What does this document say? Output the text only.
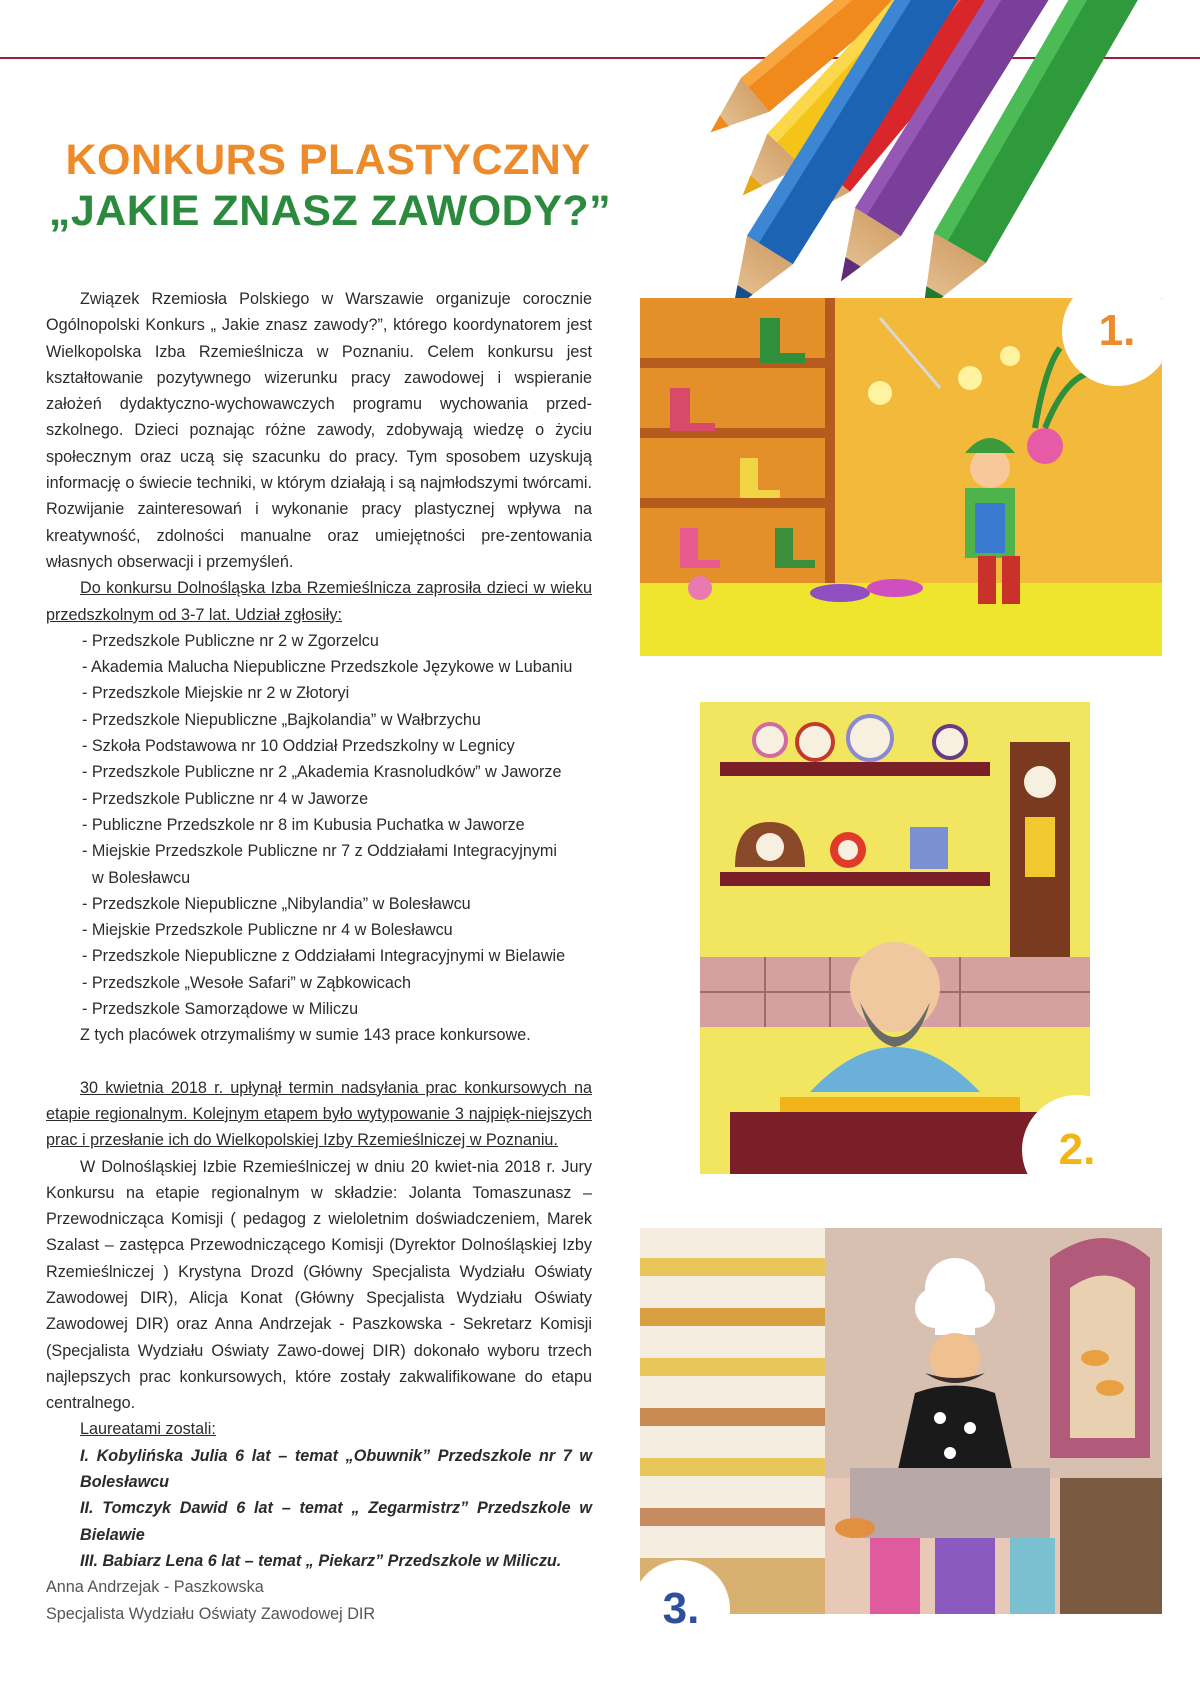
KONKURS PLASTYCZNY
„JAKIE ZNASZ ZAWODY?”

Związek Rzemiosła Polskiego w Warszawie organizuje corocznie Ogólnopolski Konkurs „ Jakie znasz zawody?”, którego koordynatorem jest Wielkopolska Izba Rzemieślnicza w Poznaniu. Celem konkursu jest kształtowanie pozytywnego wizerunku pracy zawodowej i wspieranie założeń dydaktyczno-wychowawczych programu wychowania przed-szkolnego. Dzieci poznając różne zawody, zdobywają wiedzę o życiu społecznym oraz uczą się szacunku do pracy. Tym sposobem uzyskują informację o świecie techniki, w którym działają i są najmłodszymi twórcami. Rozwijanie zainteresowań i wykonanie pracy plastycznej wpływa na kreatywność, zdolności manualne oraz umiejętności pre-zentowania własnych obserwacji i przemyśleń.

Do konkursu Dolnośląska Izba Rzemieślnicza zaprosiła dzieci w wieku przedszkolnym od 3-7 lat. Udział zgłosiły:

- Przedszkole Publiczne nr 2 w Zgorzelcu
- Akademia Malucha Niepubliczne Przedszkole Językowe w Lubaniu
- Przedszkole Miejskie nr 2 w Złotoryi
- Przedszkole Niepubliczne „Bajkolandia” w Wałbrzychu
- Szkoła Podstawowa nr 10 Oddział Przedszkolny w Legnicy
- Przedszkole Publiczne nr 2 „Akademia Krasnoludków” w Jaworze
- Przedszkole Publiczne nr 4 w Jaworze
- Publiczne Przedszkole nr 8 im Kubusia Puchatka w Jaworze
- Miejskie Przedszkole Publiczne nr 7 z Oddziałami Integracyjnymi
w Bolesławcu
- Przedszkole Niepubliczne „Nibylandia” w Bolesławcu
- Miejskie Przedszkole Publiczne nr 4 w Bolesławcu
- Przedszkole Niepubliczne z Oddziałami Integracyjnymi w Bielawie
- Przedszkole „Wesołe Safari” w Ząbkowicach
- Przedszkole Samorządowe w Miliczu

Z tych placówek otrzymaliśmy w sumie 143 prace konkursowe.

30 kwietnia 2018 r. upłynął termin nadsyłania prac konkursowych na etapie regionalnym. Kolejnym etapem było wytypowanie 3 najpięk-niejszych prac i przesłanie ich do Wielkopolskiej Izby Rzemieślniczej w Poznaniu.

W Dolnośląskiej Izbie Rzemieślniczej w dniu 20 kwiet-nia 2018 r. Jury Konkursu na etapie regionalnym w składzie: Jolanta Tomaszunasz – Przewodnicząca Komisji ( pedagog z wieloletnim doświadczeniem, Marek Szalast – zastępca Przewodniczącego Komisji (Dyrektor Dolnośląskiej Izby Rzemieślniczej ) Krystyna Drozd (Główny Specjalista Wydziału Oświaty Zawodowej DIR), Alicja Konat (Główny Specjalista Wydziału Oświaty Zawodowej DIR) oraz Anna Andrzejak - Paszkowska - Sekretarz Komisji (Specjalista Wydziału Oświaty Zawo-dowej DIR) dokonało wyboru trzech najlepszych prac konkursowych, które zostały zakwalifikowane do etapu centralnego.

Laureatami zostali:

I. Kobylińska Julia 6 lat – temat „Obuwnik” Przedszkole nr 7 w Bolesławcu

II. Tomczyk Dawid 6 lat – temat „ Zegarmistrz” Przedszkole w Bielawie

III. Babiarz Lena 6 lat – temat „ Piekarz” Przedszkole w Miliczu.

Anna Andrzejak - Paszkowska

Specjalista Wydziału Oświaty Zawodowej DIR

1.
2.
3.
